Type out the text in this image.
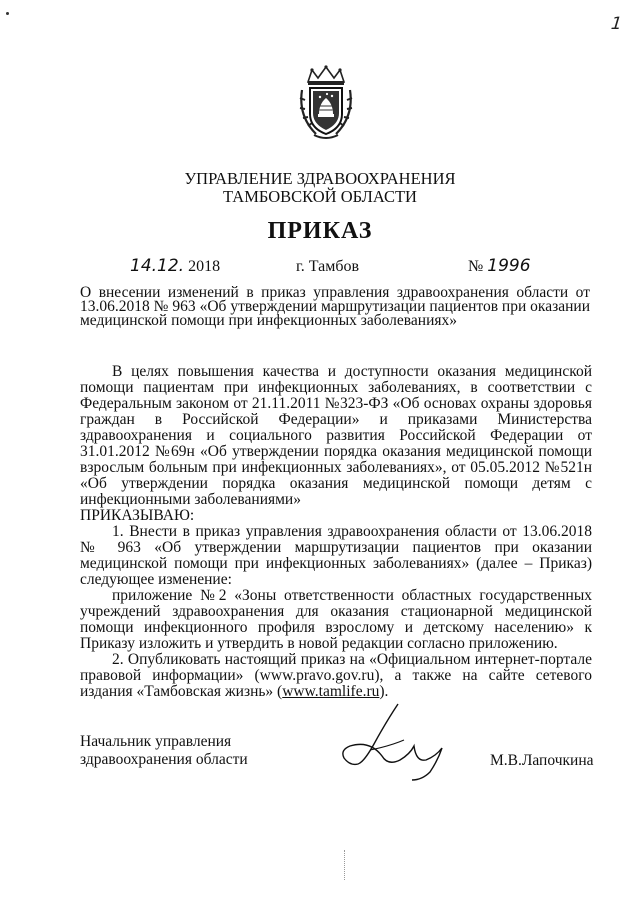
1
УПРАВЛЕНИЕ ЗДРАВООХРАНЕНИЯ
ТАМБОВСКОЙ ОБЛАСТИ
ПРИКАЗ
14.12. 2018	г. Тамбов	№ 1996
О внесении изменений в приказ управления здравоохранения области от 13.06.2018 № 963 «Об утверждении маршрутизации пациентов при оказании медицинской помощи при инфекционных заболеваниях»

В целях повышения качества и доступности оказания медицинской помощи пациентам при инфекционных заболеваниях, в соответствии с Федеральным законом от 21.11.2011 №323-ФЗ «Об основах охраны здоровья граждан в Российской Федерации» и приказами Министерства здравоохранения и социального развития Российской Федерации от 31.01.2012 №69н «Об утверждении порядка оказания медицинской помощи взрослым больным при инфекционных заболеваниях», от 05.05.2012 №521н «Об утверждении порядка оказания медицинской помощи детям с инфекционными заболеваниями»

ПРИКАЗЫВАЮ:

1. Внести в приказ управления здравоохранения области от 13.06.2018 № 963 «Об утверждении маршрутизации пациентов при оказании медицинской помощи при инфекционных заболеваниях» (далее – Приказ) следующее изменение:

приложение №2 «Зоны ответственности областных государственных учреждений здравоохранения для оказания стационарной медицинской помощи инфекционного профиля взрослому и детскому населению» к Приказу изложить и утвердить в новой редакции согласно приложению.

2. Опубликовать настоящий приказ на «Официальном интернет-портале правовой информации» (www.pravo.gov.ru), а также на сайте сетевого издания «Тамбовская жизнь» (www.tamlife.ru).

Начальник управления
здравоохранения области	М.В.Лапочкина
